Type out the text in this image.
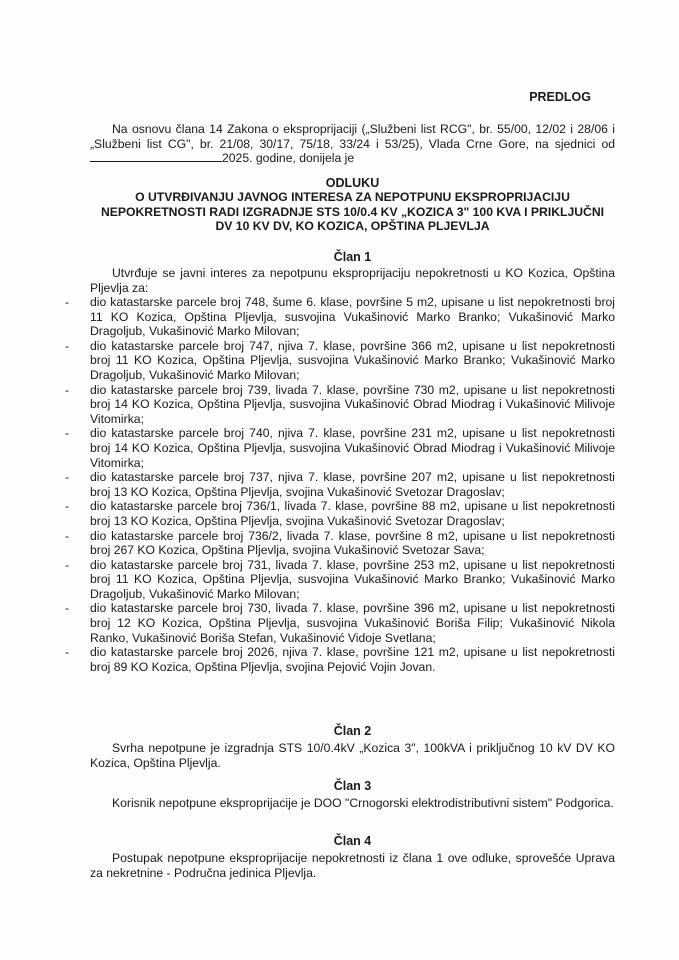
PREDLOG
Na osnovu člana 14 Zakona o eksproprijaciji („Službeni list RCG", br. 55/00, 12/02 i 28/06 i „Službeni list CG", br. 21/08, 30/17, 75/18, 33/24 i 53/25), Vlada Crne Gore, na sjednici od 2025. godine, donijela je
ODLUKU
O UTVRĐIVANJU JAVNOG INTERESA ZA NEPOTPUNU EKSPROPRIJACIJU
NEPOKRETNOSTI RADI IZGRADNJE STS 10/0.4 KV „KOZICA 3" 100 KVA I PRIKLJUČNI
DV 10 KV DV, KO KOZICA, OPŠTINA PLJEVLJA
Član 1
Utvrđuje se javni interes za nepotpunu eksproprijaciju nepokretnosti u KO Kozica, Opština Pljevlja za:
- dio katastarske parcele broj 748, šume 6. klase, površine 5 m2, upisane u list nepokretnosti broj 11 KO Kozica, Opština Pljevlja, susvojina Vukašinović Marko Branko; Vukašinović Marko Dragoljub, Vukašinović Marko Milovan;
- dio katastarske parcele broj 747, njiva 7. klase, površine 366 m2, upisane u list nepokretnosti broj 11 KO Kozica, Opština Pljevlja, susvojina Vukašinović Marko Branko; Vukašinović Marko Dragoljub, Vukašinović Marko Milovan;
- dio katastarske parcele broj 739, livada 7. klase, površine 730 m2, upisane u list nepokretnosti broj 14 KO Kozica, Opština Pljevlja, susvojina Vukašinović Obrad Miodrag i Vukašinović Milivoje Vitomirka;
- dio katastarske parcele broj 740, njiva 7. klase, površine 231 m2, upisane u list nepokretnosti broj 14 KO Kozica, Opština Pljevlja, susvojina Vukašinović Obrad Miodrag i Vukašinović Milivoje Vitomirka;
- dio katastarske parcele broj 737, njiva 7. klase, površine 207 m2, upisane u list nepokretnosti broj 13 KO Kozica, Opština Pljevlja, svojina Vukašinović Svetozar Dragoslav;
- dio katastarske parcele broj 736/1, livada 7. klase, površine 88 m2, upisane u list nepokretnosti broj 13 KO Kozica, Opština Pljevlja, svojina Vukašinović Svetozar Dragoslav;
- dio katastarske parcele broj 736/2, livada 7. klase, površine 8 m2, upisane u list nepokretnosti broj 267 KO Kozica, Opština Pljevlja, svojina Vukašinović Svetozar Sava;
- dio katastarske parcele broj 731, livada 7. klase, površine 253 m2, upisane u list nepokretnosti broj 11 KO Kozica, Opština Pljevlja, susvojina Vukašinović Marko Branko; Vukašinović Marko Dragoljub, Vukašinović Marko Milovan;
- dio katastarske parcele broj 730, livada 7. klase, površine 396 m2, upisane u list nepokretnosti broj 12 KO Kozica, Opština Pljevlja, susvojina Vukašinović Boriša Filip; Vukašinović Nikola Ranko, Vukašinović Boriša Stefan, Vukašinović Vidoje Svetlana;
- dio katastarske parcele broj 2026, njiva 7. klase, površine 121 m2, upisane u list nepokretnosti broj 89 KO Kozica, Opština Pljevlja, svojina Pejović Vojin Jovan.
Član 2
Svrha nepotpune je izgradnja STS 10/0.4kV „Kozica 3", 100kVA i priključnog 10 kV DV KO Kozica, Opština Pljevlja.
Član 3
Korisnik nepotpune eksproprijacije je DOO "Crnogorski elektrodistributivni sistem" Podgorica.
Član 4
Postupak nepotpune eksproprijacije nepokretnosti iz člana 1 ove odluke, sprovešće Uprava za nekretnine - Područna jedinica Pljevlja.
